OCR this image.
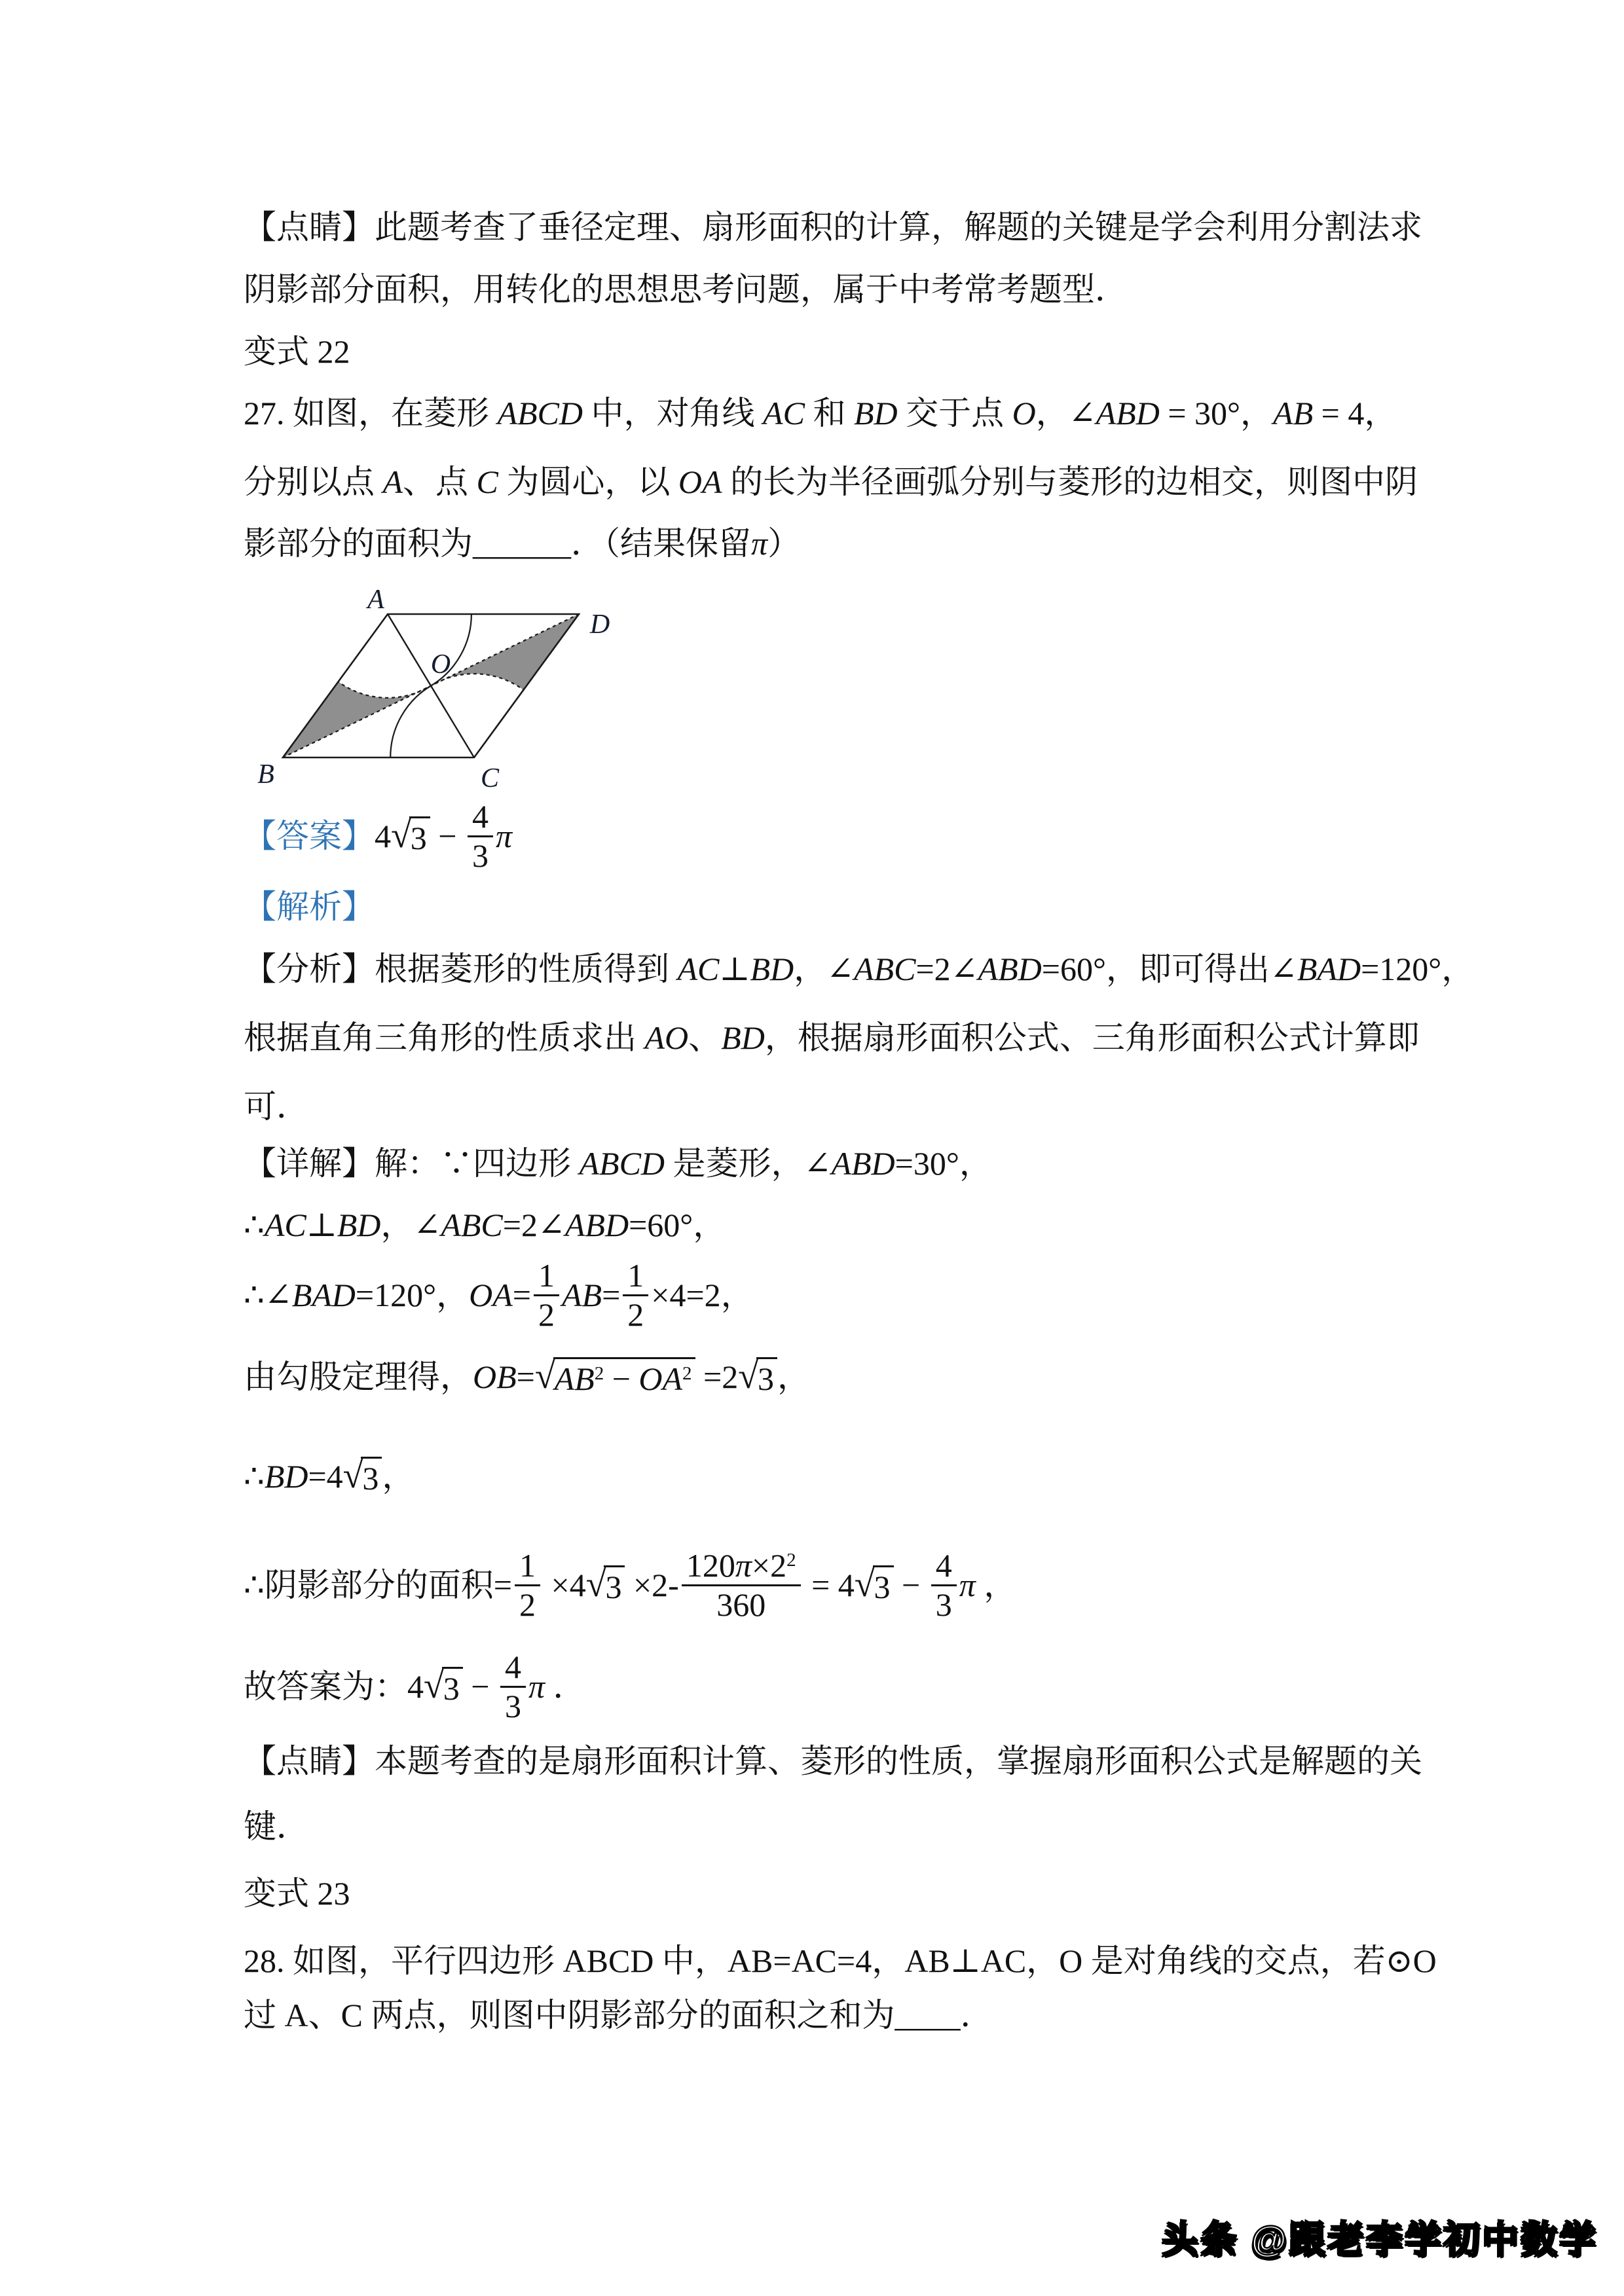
【点睛】此题考查了垂径定理、扇形面积的计算，解题的关键是学会利用分割法求
阴影部分面积，用转化的思想思考问题，属于中考常考题型．
变式 22
27. 如图，在菱形 ABCD 中，对角线 AC 和 BD 交于点 O ， ∠ ABD = 30° ， AB = 4 ，
分别以点 A 、点 C 为圆心，以 OA 的长为半径画弧分别与菱形的边相交，则图中阴
影部分的面积为 ______ ．（结果保留 π ）
【答案】 4 √ $3 - \frac{4}{3}$ π
【解析】
【分析】根据菱形的性质得到 AC ⊥ BD ， ∠ ABC =2 ∠ ABD =60° ，即可得出 ∠ BAD =120° ，
根据直角三角形的性质求出 AO 、 BD ，根据扇形面积公式、三角形面积公式计算即
可．
【详解】解：∵四边形 ABCD 是菱形， ∠ ABD =30° ，
∴ AC ⊥ BD ， ∠ ABC =2 ∠ ABD =60° ，
∴ ∠ BAD =120° ， OA = $\frac{1}{2}$ AB = $\frac{1}{2} \times 4=2$ ，
由勾股定理得， OB = √ $AB^2 - OA^2 =2$ √ 3 ，
∴ BD =4 √ 3 ，
∴ 阴影部分的面积= $\frac{1}{2} \times 4$ √ $3 \times 2- \frac{120\pi\times 2^2}{360} = 4$ √ $3 - \frac{4}{3}$ π ，
故答案为： 4 √ $3 - \frac{4}{3}$ π ．
【点睛】本题考查的是扇形面积计算、菱形的性质，掌握扇形面积公式是解题的关
键．
变式 23
28. 如图，平行四边形 ABCD 中，AB=AC=4，AB⊥AC，O 是对角线的交点，若⊙O
过 A、C 两点，则图中阴影部分的面积之和为 ____ ．
A
D
B	C
O
头条 @跟老李学初中数学
